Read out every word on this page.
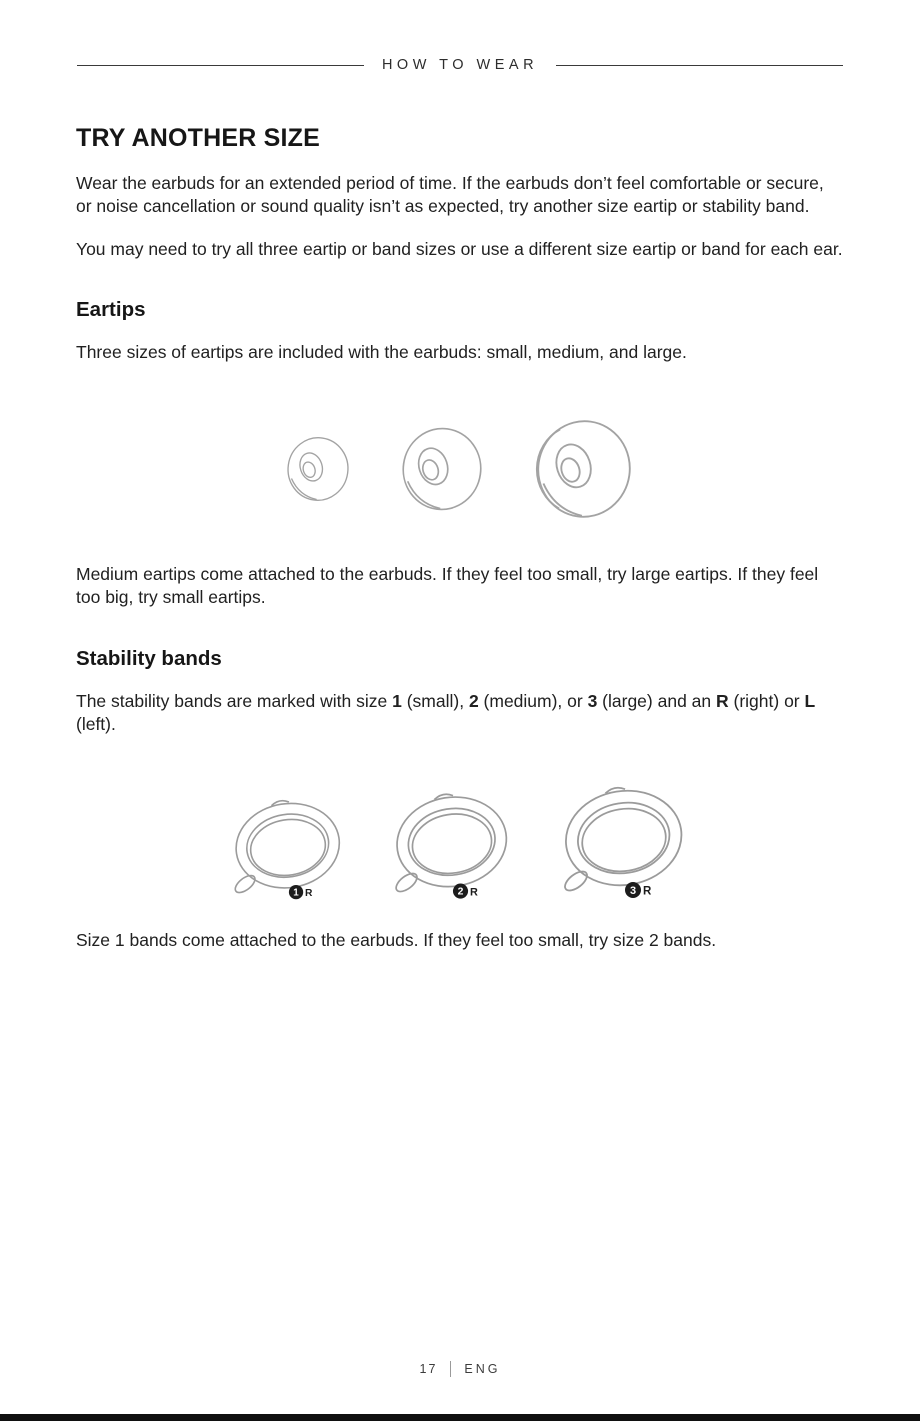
HOW TO WEAR
TRY ANOTHER SIZE

Wear the earbuds for an extended period of time. If the earbuds don’t feel comfortable or secure, or noise cancellation or sound quality isn’t as expected, try another size eartip or stability band.

You may need to try all three eartip or band sizes or use a different size eartip or band for each ear.

Eartips

Three sizes of eartips are included with the earbuds: small, medium, and large.

Medium eartips come attached to the earbuds. If they feel too small, try large eartips. If they feel too big, try small eartips.

Stability bands

The stability bands are marked with size 1 (small), 2 (medium), or 3 (large) and an R (right) or L (left).

1 R	2 R	3 R

Size 1 bands come attached to the earbuds. If they feel too small, try size 2 bands.

17 ENG
